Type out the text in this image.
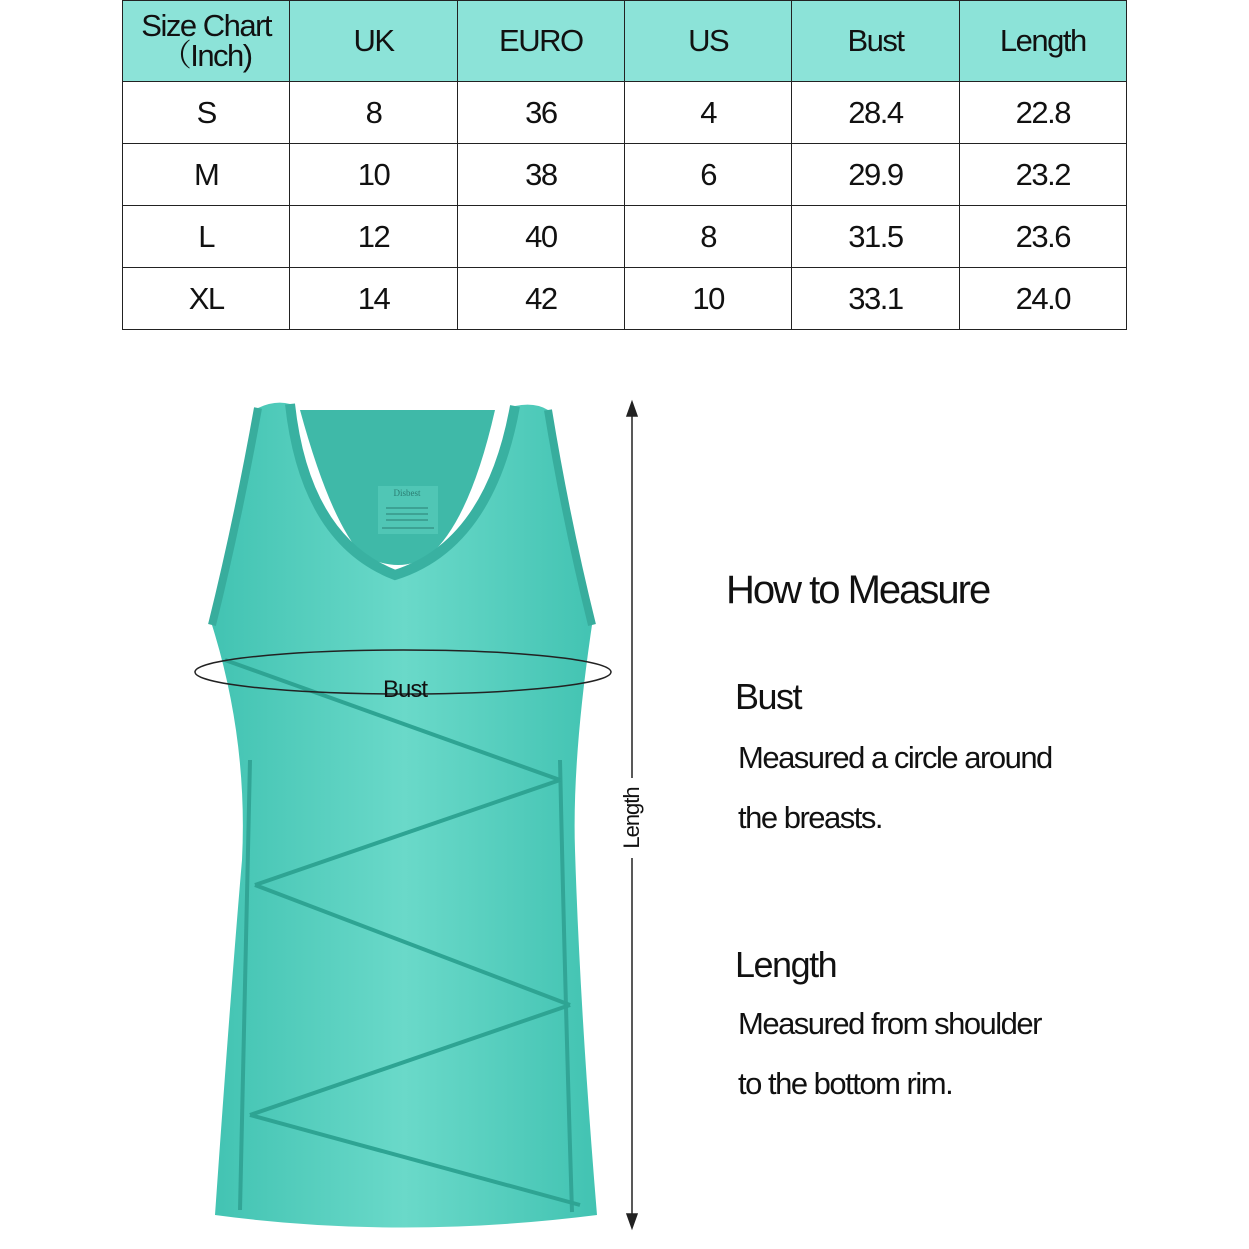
Size Chart
（Inch)	UK	EURO	US	Bust	Length
S	8	36	4	28.4	22.8
M	10	38	6	29.9	23.2
L	12	40	8	31.5	23.6
XL	14	42	10	33.1	24.0
Disbest
Bust
Length
How to Measure
Bust
Measured a circle around
the breasts.
Length
Measured from shoulder
to the bottom rim.
